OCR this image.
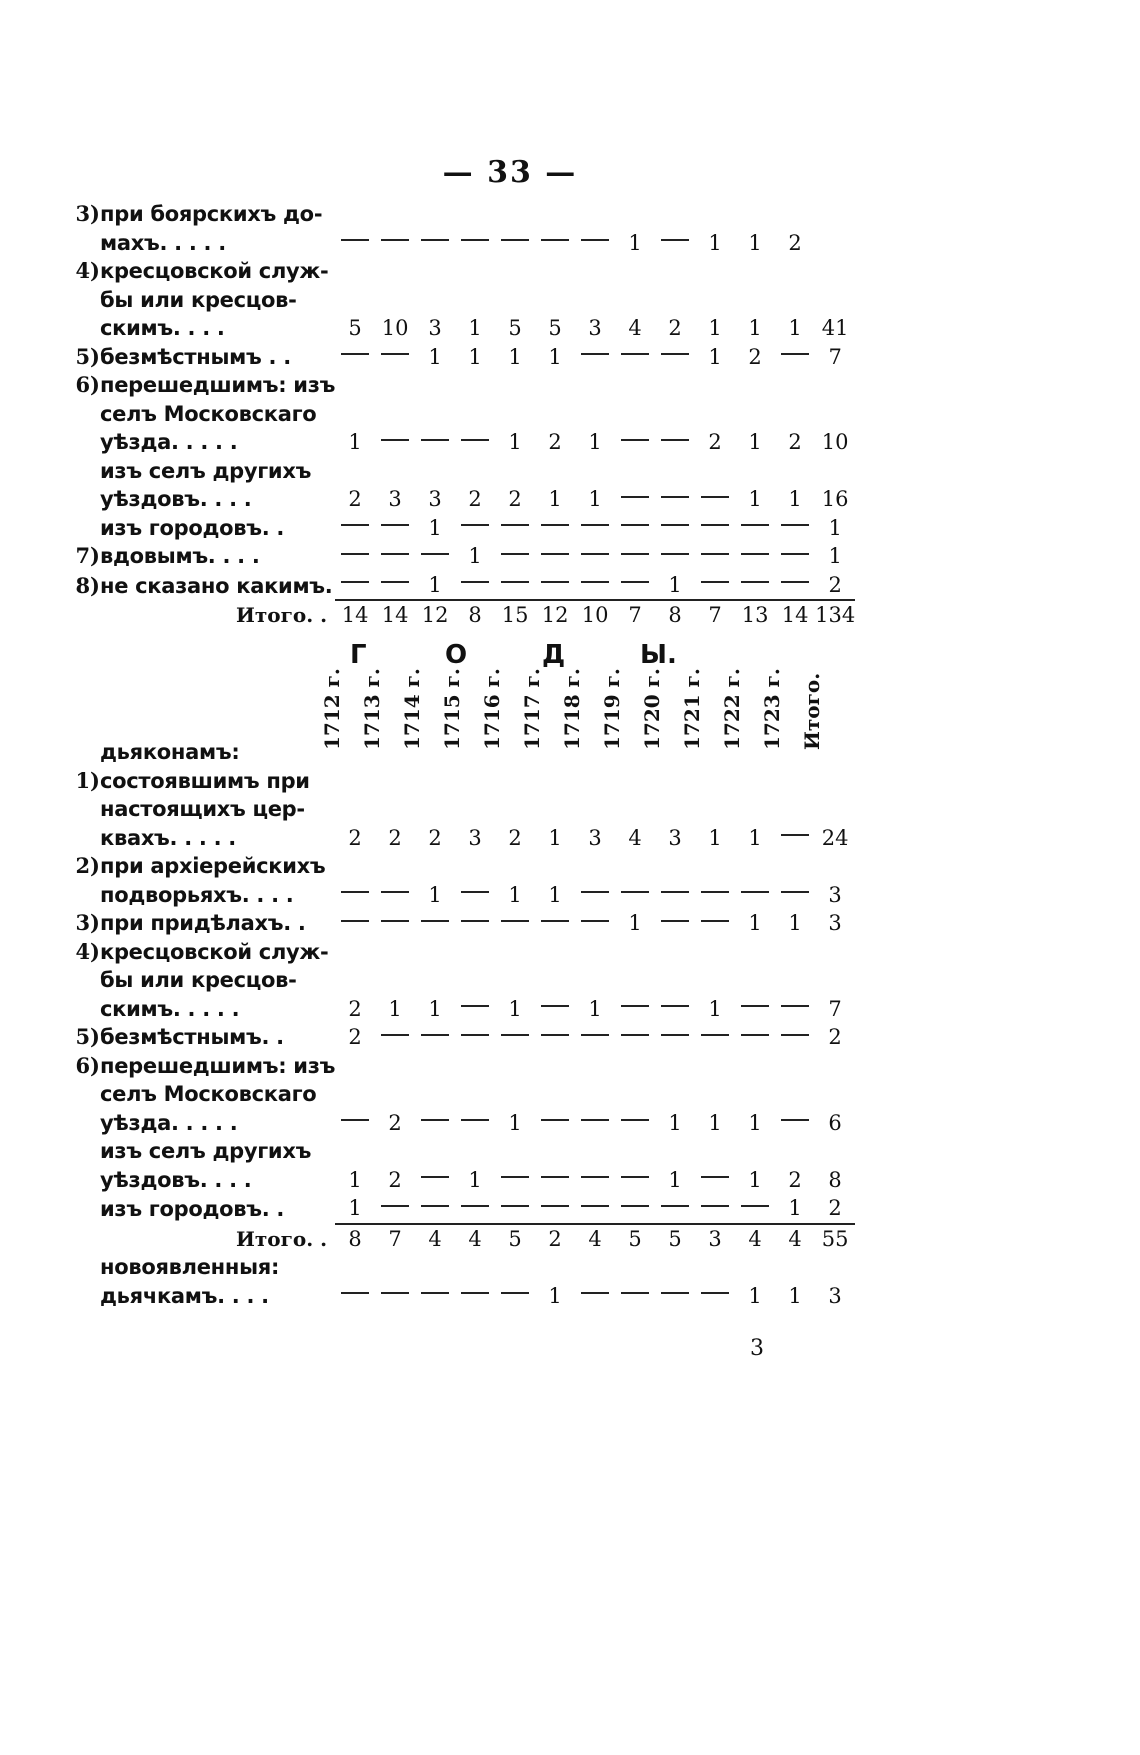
— 33 —
3)	при боярскихъ до-													
	махъ. . . . .								1		1	1	2	
4)	кресцовской служ-													
	бы или кресцов-													
	скимъ. . . .	5	10	3	1	5	5	3	4	2	1	1	1	41
5)	безмѣстнымъ . .			1	1	1	1				1	2		7
6)	перешедшимъ: изъ													
	селъ Московскаго													
	уѣзда. . . . .	1				1	2	1			2	1	2	10
	изъ селъ другихъ													
	уѣздовъ. . . .	2	3	3	2	2	1	1				1	1	16
	изъ городовъ. .			1										1
7)	вдовымъ. . . .				1									1
8)	не сказано какимъ.			1						1				2
Итого. .		14	14	12	8	15	12	10	7	8	7	13	14	134
Г	О	Д	Ы.
1712 г. 1713 г. 1714 г. 1715 г. 1716 г. 1717 г. 1718 г. 1719 г. 1720 г. 1721 г. 1722 г. 1723 г. Итого.
	дьяконамъ:													
1)	состоявшимъ при													
	настоящихъ цер-													
	квахъ. . . . .	2	2	2	3	2	1	3	4	3	1	1		24
2)	при архіерейскихъ													
	подворьяхъ. . . .			1		1	1							3
3)	при придѣлахъ. .								1			1	1	3
4)	кресцовской служ-													
	бы или кресцов-													
	скимъ. . . . .	2	1	1		1		1			1			7
5)	безмѣстнымъ. .	2												2
6)	перешедшимъ: изъ													
	селъ Московскаго													
	уѣзда. . . . .		2			1				1	1	1		6
	изъ селъ другихъ													
	уѣздовъ. . . .	1	2		1					1		1	2	8
	изъ городовъ. .	1											1	2
Итого. .		8	7	4	4	5	2	4	5	5	3	4	4	55
	новоявленныя:													
	дьячкамъ. . . .						1					1	1	3
3
